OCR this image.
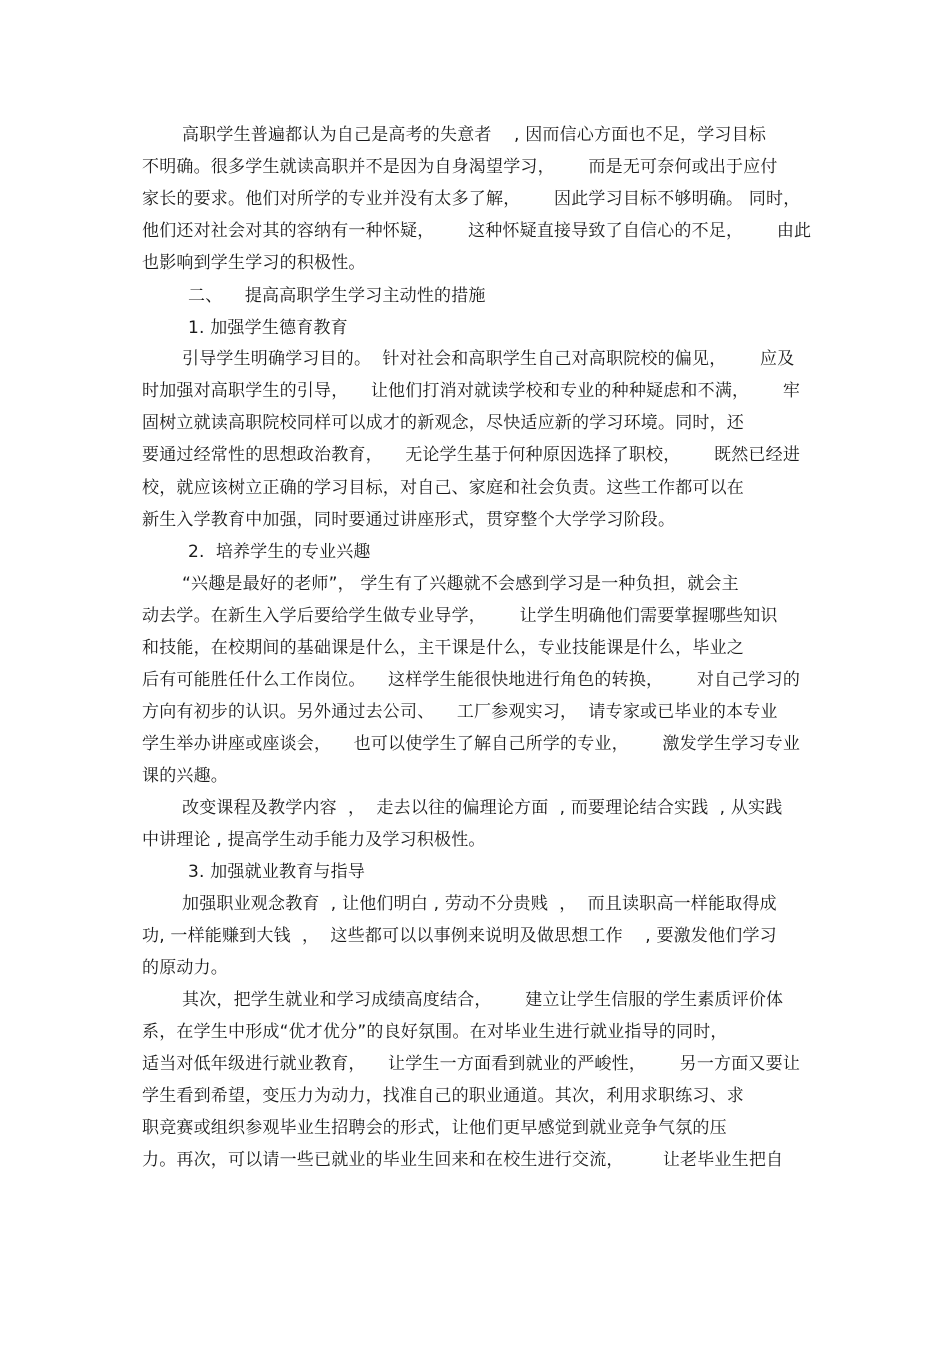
高职学生普遍都认为自己是高考的失意者    , 因而信心方面也不足，学习目标
不明确。很多学生就读高职并不是因为自身渴望学习，      而是无可奈何或出于应付
家长的要求。他们对所学的专业并没有太多了解，      因此学习目标不够明确。 同时，
他们还对社会对其的容纳有一种怀疑，      这种怀疑直接导致了自信心的不足，      由此
也影响到学生学习的积极性。
二、    提高高职学生学习主动性的措施
1. 加强学生德育教育
引导学生明确学习目的。  针对社会和高职学生自己对高职院校的偏见，      应及
时加强对高职学生的引导，    让他们打消对就读学校和专业的种种疑虑和不满，      牢
固树立就读高职院校同样可以成才的新观念，尽快适应新的学习环境。同时，还
要通过经常性的思想政治教育，    无论学生基于何种原因选择了职校，      既然已经进
校，就应该树立正确的学习目标，对自己、家庭和社会负责。这些工作都可以在
新生入学教育中加强，同时要通过讲座形式，贯穿整个大学学习阶段。
2.  培养学生的专业兴趣
“兴趣是最好的老师”， 学生有了兴趣就不会感到学习是一种负担，就会主
动去学。在新生入学后要给学生做专业导学，      让学生明确他们需要掌握哪些知识
和技能，在校期间的基础课是什么，主干课是什么，专业技能课是什么，毕业之
后有可能胜任什么工作岗位。    这样学生能很快地进行角色的转换，      对自己学习的
方向有初步的认识。另外通过去公司、    工厂参观实习，  请专家或已毕业的本专业
学生举办讲座或座谈会，    也可以使学生了解自己所学的专业，      激发学生学习专业
课的兴趣。
改变课程及教学内容  ，  走去以往的偏理论方面  , 而要理论结合实践  , 从实践
中讲理论 , 提高学生动手能力及学习积极性。
3. 加强就业教育与指导
加强职业观念教育  , 让他们明白 , 劳动不分贵贱  ，  而且读职高一样能取得成
功, 一样能赚到大钱  ，  这些都可以以事例来说明及做思想工作    , 要激发他们学习
的原动力。
其次，把学生就业和学习成绩高度结合，      建立让学生信服的学生素质评价体
系，在学生中形成“优才优分”的良好氛围。在对毕业生进行就业指导的同时，
适当对低年级进行就业教育，    让学生一方面看到就业的严峻性，      另一方面又要让
学生看到希望，变压力为动力，找准自己的职业通道。其次，利用求职练习、求
职竞赛或组织参观毕业生招聘会的形式，让他们更早感觉到就业竞争气氛的压
力。再次，可以请一些已就业的毕业生回来和在校生进行交流，       让老毕业生把自
